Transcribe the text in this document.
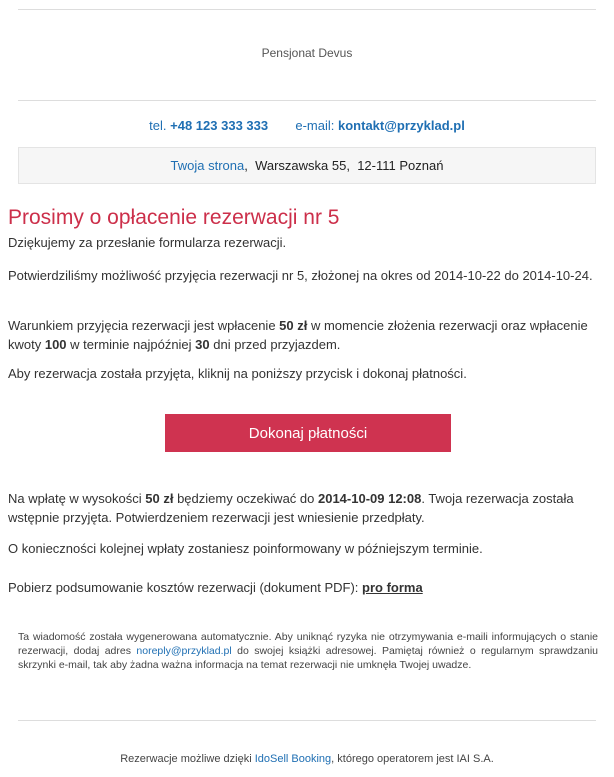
Pensjonat Devus
tel. +48 123 333 333 e-mail: kontakt@przyklad.pl
Twoja strona,  Warszawska 55, 12-111 Poznań
Prosimy o opłacenie rezerwacji nr 5

Dziękujemy za przesłanie formularza rezerwacji.

Potwierdziliśmy możliwość przyjęcia rezerwacji nr 5, złożonej na okres od 2014-10-22 do 2014-10-24.

Warunkiem przyjęcia rezerwacji jest wpłacenie 50 zł w momencie złożenia rezerwacji oraz wpłacenie kwoty 100 w terminie najpóźniej 30 dni przed przyjazdem.

Aby rezerwacja została przyjęta, kliknij na poniższy przycisk i dokonaj płatności.

Dokonaj płatności

Na wpłatę w wysokości 50 zł będziemy oczekiwać do 2014-10-09 12:08. Twoja rezerwacja została wstępnie przyjęta. Potwierdzeniem rezerwacji jest wniesienie przedpłaty.

O konieczności kolejnej wpłaty zostaniesz poinformowany w późniejszym terminie.

Pobierz podsumowanie kosztów rezerwacji (dokument PDF): pro forma

Ta wiadomość została wygenerowana automatycznie. Aby uniknąć ryzyka nie otrzymywania e-maili informujących o stanie rezerwacji, dodaj adres noreply@przyklad.pl do swojej książki adresowej. Pamiętaj również o regularnym sprawdzaniu skrzynki e-mail, tak aby żadna ważna informacja na temat rezerwacji nie umknęła Twojej uwadze.

Rezerwacje możliwe dzięki IdoSell Booking, którego operatorem jest IAI S.A.
